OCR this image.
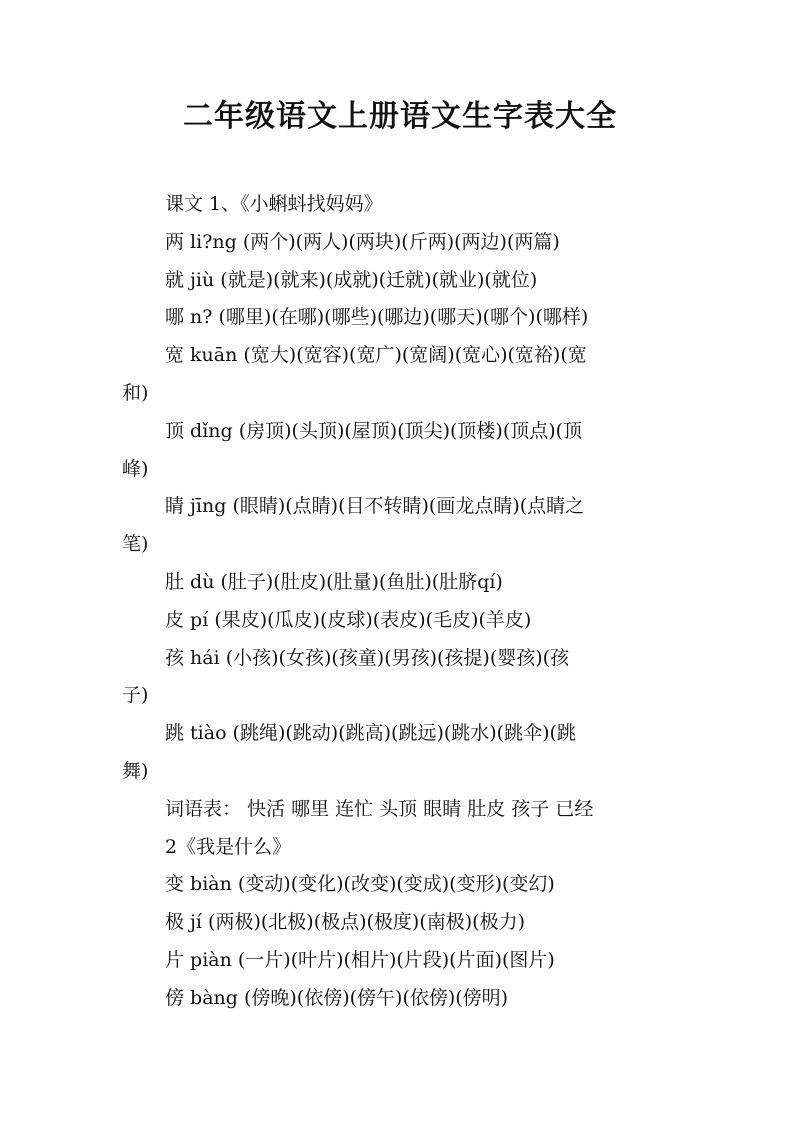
二年级语文上册语文生字表大全
课文 1、《小蝌蚪找妈妈》
两 li?ng (两个)(两人)(两块)(斤两)(两边)(两篇)
就 jiù (就是)(就来)(成就)(迁就)(就业)(就位)
哪 n? (哪里)(在哪)(哪些)(哪边)(哪天)(哪个)(哪样)
宽 kuān (宽大)(宽容)(宽广)(宽阔)(宽心)(宽裕)(宽
和)
顶 dǐng (房顶)(头顶)(屋顶)(顶尖)(顶楼)(顶点)(顶
峰)
睛 jīng (眼睛)(点睛)(目不转睛)(画龙点睛)(点睛之
笔)
肚 dù (肚子)(肚皮)(肚量)(鱼肚)(肚脐qí)
皮 pí (果皮)(瓜皮)(皮球)(表皮)(毛皮)(羊皮)
孩 hái (小孩)(女孩)(孩童)(男孩)(孩提)(婴孩)(孩
子)
跳 tiào (跳绳)(跳动)(跳高)(跳远)(跳水)(跳伞)(跳
舞)
词语表： 快活 哪里 连忙 头顶 眼睛 肚皮 孩子 已经
2《我是什么》
变 biàn (变动)(变化)(改变)(变成)(变形)(变幻)
极 jí (两极)(北极)(极点)(极度)(南极)(极力)
片 piàn (一片)(叶片)(相片)(片段)(片面)(图片)
傍 bàng (傍晚)(依傍)(傍午)(依傍)(傍明)
